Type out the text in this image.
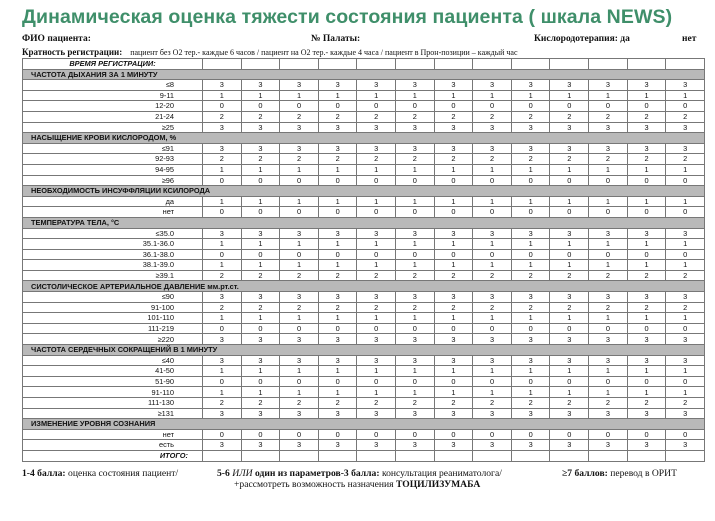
Динамическая оценка тяжести состояния пациента ( шкала NEWS)
ФИО пациента:	№ Палаты:	Кислородотерапия: да	нет
Кратность регистрации: пациент без О2 тер.- каждые 6 часов / пациент на О2 тер.- каждые 4 часа / пациент в Прон-позиции – каждый час
ВРЕМЯ РЕГИСТРАЦИИ:													
ЧАСТОТА ДЫХАНИЯ ЗА 1 МИНУТУ													
≤8	3	3	3	3	3	3	3	3	3	3	3	3	3
9-11	1	1	1	1	1	1	1	1	1	1	1	1	1
12-20	0	0	0	0	0	0	0	0	0	0	0	0	0
21-24	2	2	2	2	2	2	2	2	2	2	2	2	2
≥25	3	3	3	3	3	3	3	3	3	3	3	3	3
НАСЫЩЕНИЕ КРОВИ КИСЛОРОДОМ, %													
≤91	3	3	3	3	3	3	3	3	3	3	3	3	3
92-93	2	2	2	2	2	2	2	2	2	2	2	2	2
94-95	1	1	1	1	1	1	1	1	1	1	1	1	1
≥96	0	0	0	0	0	0	0	0	0	0	0	0	0
НЕОБХОДИМОСТЬ ИНСУФФЛЯЦИИ КСИЛОРОДА													
да	1	1	1	1	1	1	1	1	1	1	1	1	1
нет	0	0	0	0	0	0	0	0	0	0	0	0	0
ТЕМПЕРАТУРА ТЕЛА, °С													
≤35.0	3	3	3	3	3	3	3	3	3	3	3	3	3
35.1-36.0	1	1	1	1	1	1	1	1	1	1	1	1	1
36.1-38.0	0	0	0	0	0	0	0	0	0	0	0	0	0
38.1-39.0	1	1	1	1	1	1	1	1	1	1	1	1	1
≥39.1	2	2	2	2	2	2	2	2	2	2	2	2	2
СИСТОЛИЧЕСКОЕ АРТЕРИАЛЬНОЕ ДАВЛЕНИЕ мм.рт.ст.													
≤90	3	3	3	3	3	3	3	3	3	3	3	3	3
91-100	2	2	2	2	2	2	2	2	2	2	2	2	2
101-110	1	1	1	1	1	1	1	1	1	1	1	1	1
111-219	0	0	0	0	0	0	0	0	0	0	0	0	0
≥220	3	3	3	3	3	3	3	3	3	3	3	3	3
ЧАСТОТА СЕРДЕЧНЫХ СОКРАЩЕНИЙ В 1 МИНУТУ													
≤40	3	3	3	3	3	3	3	3	3	3	3	3	3
41-50	1	1	1	1	1	1	1	1	1	1	1	1	1
51-90	0	0	0	0	0	0	0	0	0	0	0	0	0
91-110	1	1	1	1	1	1	1	1	1	1	1	1	1
111-130	2	2	2	2	2	2	2	2	2	2	2	2	2
≥131	3	3	3	3	3	3	3	3	3	3	3	3	3
ИЗМЕНЕНИЕ УРОВНЯ СОЗНАНИЯ													
нет	0	0	0	0	0	0	0	0	0	0	0	0	0
есть	3	3	3	3	3	3	3	3	3	3	3	3	3
ИТОГО:													
1-4 балла: оценка состояния пациент/	5-6 ИЛИ один из параметров-3 балла: консультация реаниматолога/	≥7 баллов: перевод в ОРИТ
+рассмотреть возможность назначения ТОЦИЛИЗУМАБА
